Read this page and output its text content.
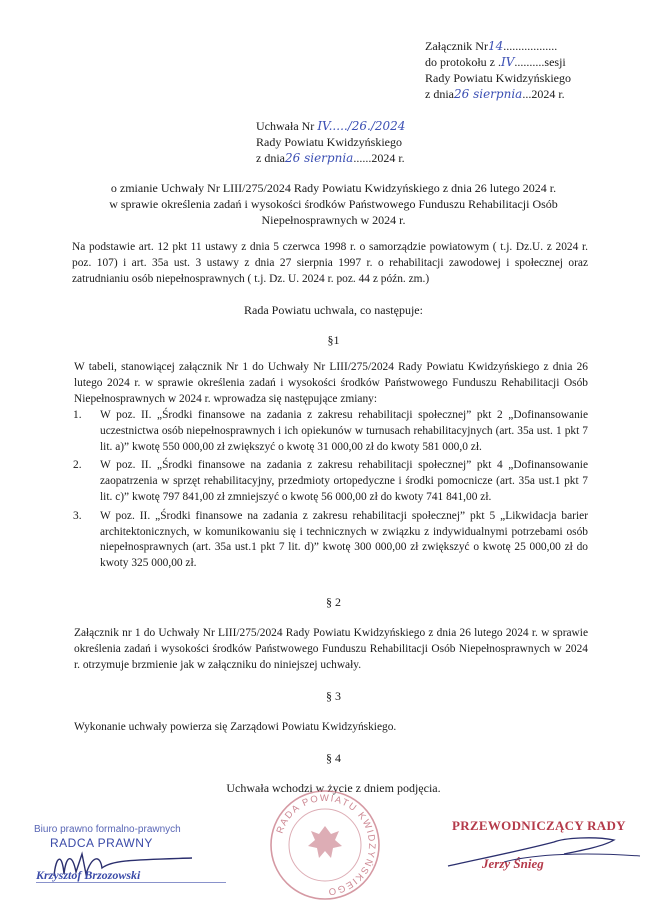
Załącznik Nr14..................
do protokołu z .IV..........sesji
Rady Powiatu Kwidzyńskiego
z dnia26 sierpnia...2024 r.
Uchwała Nr IV...../26./2024
Rady Powiatu Kwidzyńskiego
z dnia26 sierpnia......2024 r.
o zmianie Uchwały Nr LIII/275/2024 Rady Powiatu Kwidzyńskiego z dnia 26 lutego 2024 r.
w sprawie określenia zadań i wysokości środków Państwowego Funduszu Rehabilitacji Osób
Niepełnosprawnych w 2024 r.
Na podstawie art. 12 pkt 11 ustawy z dnia 5 czerwca 1998 r. o samorządzie powiatowym ( t.j. Dz.U. z 2024 r. poz. 107) i art. 35a ust. 3 ustawy z dnia 27 sierpnia 1997 r. o rehabilitacji zawodowej i społecznej oraz zatrudnianiu osób niepełnosprawnych ( t.j. Dz. U. 2024 r. poz. 44 z późn. zm.)
Rada Powiatu uchwala, co następuje:
§1
W tabeli, stanowiącej załącznik Nr 1 do Uchwały Nr LIII/275/2024 Rady Powiatu Kwidzyńskiego z dnia 26 lutego 2024 r. w sprawie określenia zadań i wysokości środków Państwowego Funduszu Rehabilitacji Osób Niepełnosprawnych w 2024 r. wprowadza się następujące zmiany:
1. W poz. II. „Środki finansowe na zadania z zakresu rehabilitacji społecznej” pkt 2 „Dofinansowanie uczestnictwa osób niepełnosprawnych i ich opiekunów w turnusach rehabilitacyjnych (art. 35a ust. 1 pkt 7 lit. a)” kwotę 550 000,00 zł zwiększyć o kwotę 31 000,00 zł do kwoty 581 000,0 zł.
2. W poz. II. „Środki finansowe na zadania z zakresu rehabilitacji społecznej” pkt 4 „Dofinansowanie zaopatrzenia w sprzęt rehabilitacyjny, przedmioty ortopedyczne i środki pomocnicze (art. 35a ust.1 pkt 7 lit. c)” kwotę 797 841,00 zł zmniejszyć o kwotę 56 000,00 zł do kwoty 741 841,00 zł.
3. W poz. II. „Środki finansowe na zadania z zakresu rehabilitacji społecznej” pkt 5 „Likwidacja barier architektonicznych, w komunikowaniu się i technicznych w związku z indywidualnymi potrzebami osób niepełnosprawnych (art. 35a ust.1 pkt 7 lit. d)” kwotę 300 000,00 zł zwiększyć o kwotę 25 000,00 zł do kwoty 325 000,00 zł.
§ 2
Załącznik nr 1 do Uchwały Nr LIII/275/2024 Rady Powiatu Kwidzyńskiego z dnia 26 lutego 2024 r. w sprawie określenia zadań i wysokości środków Państwowego Funduszu Rehabilitacji Osób Niepełnosprawnych w 2024 r. otrzymuje brzmienie jak w załączniku do niniejszej uchwały.
§ 3
Wykonanie uchwały powierza się Zarządowi Powiatu Kwidzyńskiego.
§ 4
Uchwała wchodzi w życie z dniem podjęcia.
RADA POWIATU KWIDZYŃSKIEGO
Biuro prawno formalno-prawnych
RADCA PRAWNY
Krzysztof Brzozowski
PRZEWODNICZĄCY RADY
Jerzy Śnieg
